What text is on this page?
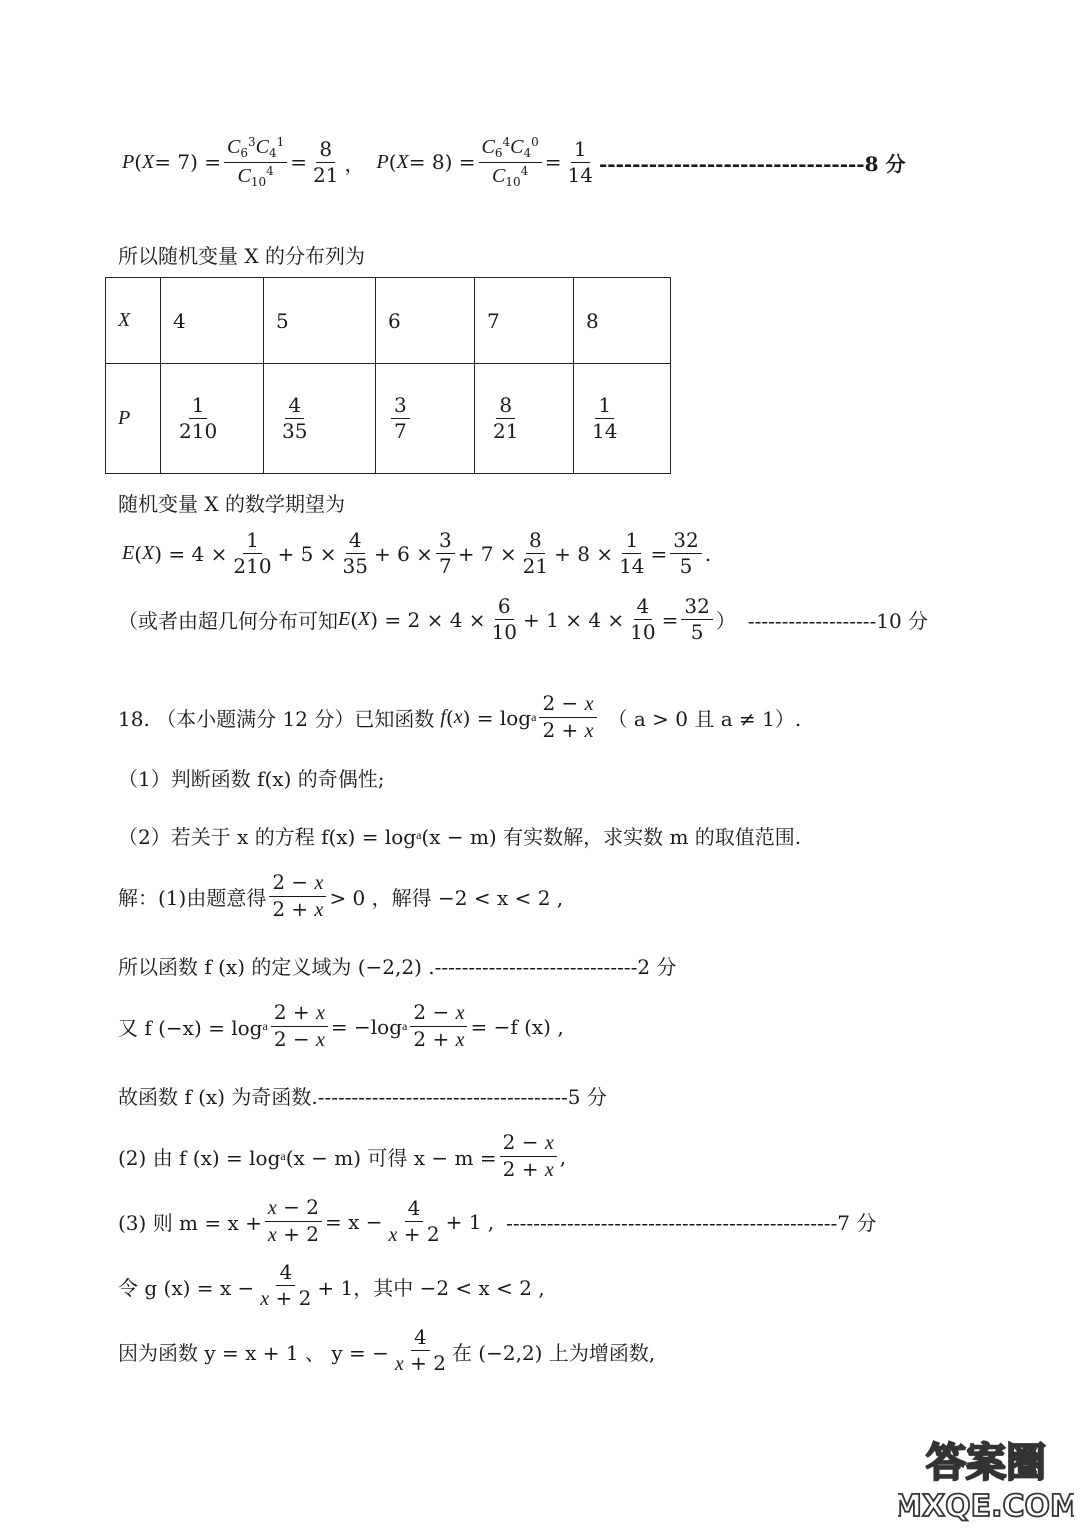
P ( $X = 7) = \frac{C_6^3C_4^1}{C_{10}^4} = \frac{8}{21}$ ， P ( $X = 8) = \frac{C_6^4C_4^0}{C_{10}^4} = \frac{1}{14} --------------------------------8$ 分
所以随机变量 X 的分布列为
X	4	5	6	7	8
P	$\frac{1}{210}$	$\frac{4}{35}$	$\frac{3}{7}$	$\frac{8}{21}$	$\frac{1}{14}$
随机变量 X 的数学期望为
E ( X ) = $4 \times \frac{1}{210} + 5 \times \frac{4}{35} + 6 \times \frac{3}{7} + 7 \times \frac{8}{21} + 8 \times \frac{1}{14} = \frac{32}{5}$ .
（或者由超几何分布可知 E ( X ) = $2 \times 4 \times \frac{6}{10} + 1 \times 4 \times \frac{4}{10} = \frac{32}{5}$ ） -------------------10 分
18. （本小题满分 12 分）已知函数 f ( x ) = log a $\frac{2 - x}{2 + x}$ （ a > 0 且 a ≠ 1）.
（1）判断函数 f(x) 的奇偶性;
（2）若关于 x 的方程 f(x) = log a (x − m) 有实数解，求实数 m 的取值范围.
解：(1)由题意得 $\frac{2 - x}{2 + x} > 0$ ，解得 −2 < x < 2 ,
所以函数 f (x) 的定义域为 (−2,2) . ------------------------------2 分
又 f (−x) = log a $\frac{2 + x}{2 - x} = -\log$ a $\frac{2 - x}{2 + x} = -f$ (x) ,
故函数 f (x) 为奇函数. -------------------------------------5 分
(2) 由 f (x) = log a (x − m) 可得 $x - m = \frac{2 - x}{2 + x}$ ,
(3) 则 $m = x + \frac{x - 2}{x + 2} = x - \frac{4}{x + 2} + 1$ , -------------------------------------------------7 分
令 g $(x) = x - \frac{4}{x + 2} + 1$，其中 −2 < x < 2 ,
因为函数 y = x + 1 、 y = − $\frac{4}{x + 2}$ 在 (−2,2) 上为增函数,
答案圈
MXQE.COM
